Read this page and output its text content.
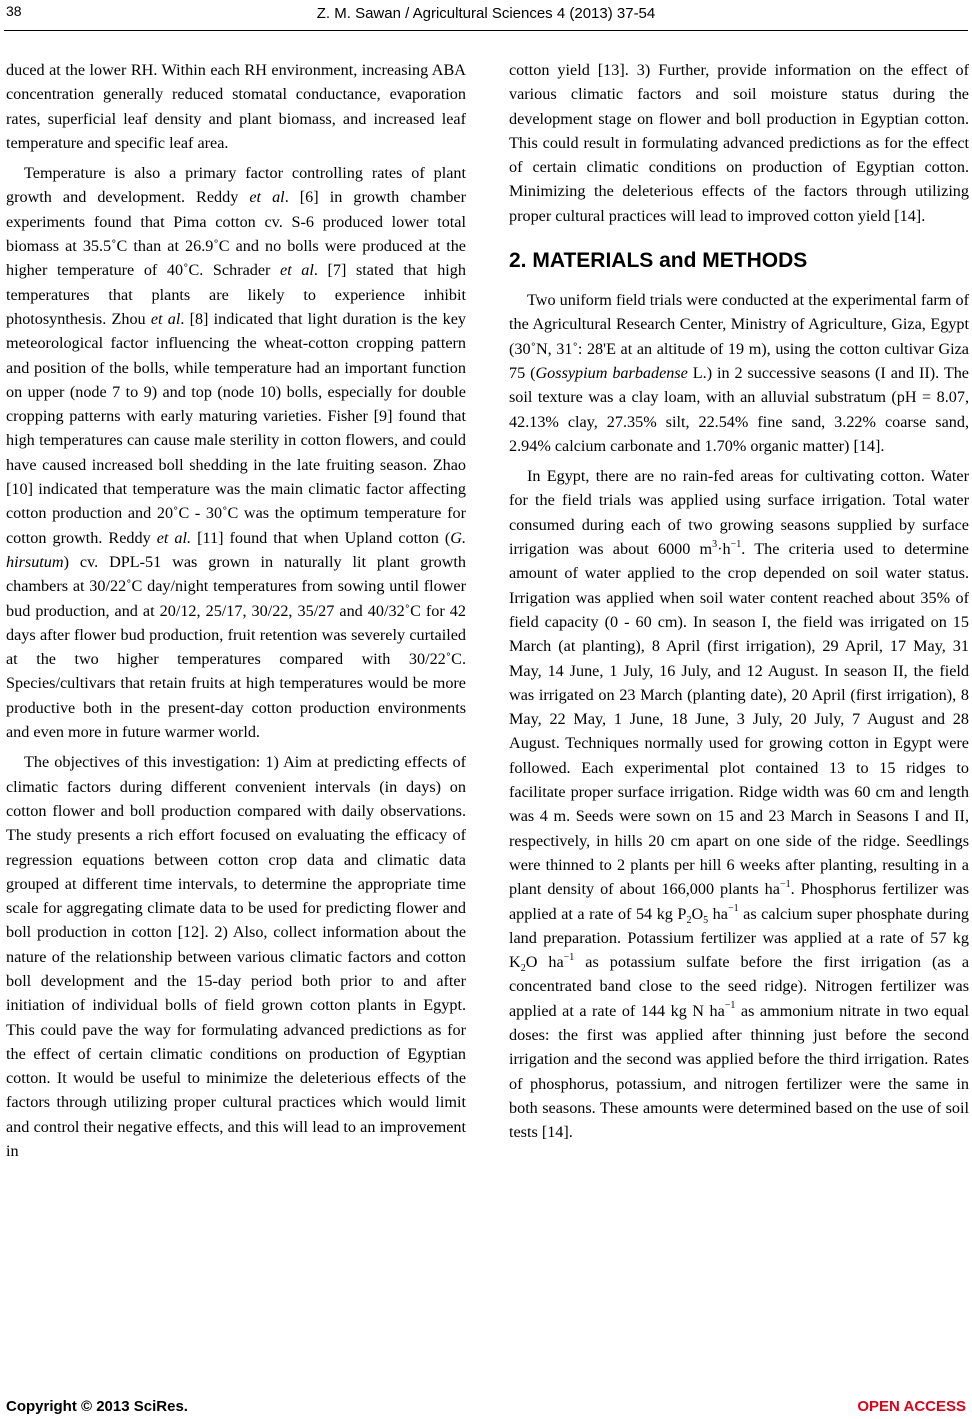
38	Z. M. Sawan / Agricultural Sciences 4 (2013) 37-54

duced at the lower RH. Within each RH environment, increasing ABA concentration generally reduced stomatal conductance, evaporation rates, superficial leaf density and plant biomass, and increased leaf temperature and specific leaf area.

Temperature is also a primary factor controlling rates of plant growth and development. Reddy et al. [6] in growth chamber experiments found that Pima cotton cv. S-6 produced lower total biomass at 35.5˚C than at 26.9˚C and no bolls were produced at the higher temperature of 40˚C. Schrader et al. [7] stated that high temperatures that plants are likely to experience inhibit photosynthesis. Zhou et al. [8] indicated that light duration is the key meteorological factor influencing the wheat-cotton cropping pattern and position of the bolls, while temperature had an important function on upper (node 7 to 9) and top (node 10) bolls, especially for double cropping patterns with early maturing varieties. Fisher [9] found that high temperatures can cause male sterility in cotton flowers, and could have caused increased boll shedding in the late fruiting season. Zhao [10] indicated that temperature was the main climatic factor affecting cotton production and 20˚C - 30˚C was the optimum temperature for cotton growth. Reddy et al. [11] found that when Upland cotton (G. hirsutum) cv. DPL-51 was grown in naturally lit plant growth chambers at 30/22˚C day/night temperatures from sowing until flower bud production, and at 20/12, 25/17, 30/22, 35/27 and 40/32˚C for 42 days after flower bud production, fruit retention was severely curtailed at the two higher temperatures compared with 30/22˚C. Species/cultivars that retain fruits at high temperatures would be more productive both in the present-day cotton production environments and even more in future warmer world.

The objectives of this investigation: 1) Aim at predicting effects of climatic factors during different convenient intervals (in days) on cotton flower and boll production compared with daily observations. The study presents a rich effort focused on evaluating the efficacy of regression equations between cotton crop data and climatic data grouped at different time intervals, to determine the appropriate time scale for aggregating climate data to be used for predicting flower and boll production in cotton [12]. 2) Also, collect information about the nature of the relationship between various climatic factors and cotton boll development and the 15-day period both prior to and after initiation of individual bolls of field grown cotton plants in Egypt. This could pave the way for formulating advanced predictions as for the effect of certain climatic conditions on production of Egyptian cotton. It would be useful to minimize the deleterious effects of the factors through utilizing proper cultural practices which would limit and control their negative effects, and this will lead to an improvement in

cotton yield [13]. 3) Further, provide information on the effect of various climatic factors and soil moisture status during the development stage on flower and boll production in Egyptian cotton. This could result in formulating advanced predictions as for the effect of certain climatic conditions on production of Egyptian cotton. Minimizing the deleterious effects of the factors through utilizing proper cultural practices will lead to improved cotton yield [14].

2. MATERIALS and METHODS

Two uniform field trials were conducted at the experimental farm of the Agricultural Research Center, Ministry of Agriculture, Giza, Egypt (30˚N, 31˚: 28'E at an altitude of 19 m), using the cotton cultivar Giza 75 (Gossypium barbadense L.) in 2 successive seasons (I and II). The soil texture was a clay loam, with an alluvial substratum (pH = 8.07, 42.13% clay, 27.35% silt, 22.54% fine sand, 3.22% coarse sand, 2.94% calcium carbonate and 1.70% organic matter) [14].

In Egypt, there are no rain-fed areas for cultivating cotton. Water for the field trials was applied using surface irrigation. Total water consumed during each of two growing seasons supplied by surface irrigation was about 6000 $m^3\cdot h^{-1}$. The criteria used to determine amount of water applied to the crop depended on soil water status. Irrigation was applied when soil water content reached about 35% of field capacity (0 - 60 cm). In season I, the field was irrigated on 15 March (at planting), 8 April (first irrigation), 29 April, 17 May, 31 May, 14 June, 1 July, 16 July, and 12 August. In season II, the field was irrigated on 23 March (planting date), 20 April (first irrigation), 8 May, 22 May, 1 June, 18 June, 3 July, 20 July, 7 August and 28 August. Techniques normally used for growing cotton in Egypt were followed. Each experimental plot contained 13 to 15 ridges to facilitate proper surface irrigation. Ridge width was 60 cm and length was 4 m. Seeds were sown on 15 and 23 March in Seasons I and II, respectively, in hills 20 cm apart on one side of the ridge. Seedlings were thinned to 2 plants per hill 6 weeks after planting, resulting in a plant density of about 166,000 plants $ha^{-1}$. Phosphorus fertilizer was applied at a rate of 54 kg $P_2O_5$ $ha^{-1}$ as calcium super phosphate during land preparation. Potassium fertilizer was applied at a rate of 57 kg $K_2O$ $ha^{-1}$ as potassium sulfate before the first irrigation (as a concentrated band close to the seed ridge). Nitrogen fertilizer was applied at a rate of 144 kg N $ha^{-1}$ as ammonium nitrate in two equal doses: the first was applied after thinning just before the second irrigation and the second was applied before the third irrigation. Rates of phosphorus, potassium, and nitrogen fertilizer were the same in both seasons. These amounts were determined based on the use of soil tests [14].

Copyright © 2013 SciRes.	OPEN ACCESS
